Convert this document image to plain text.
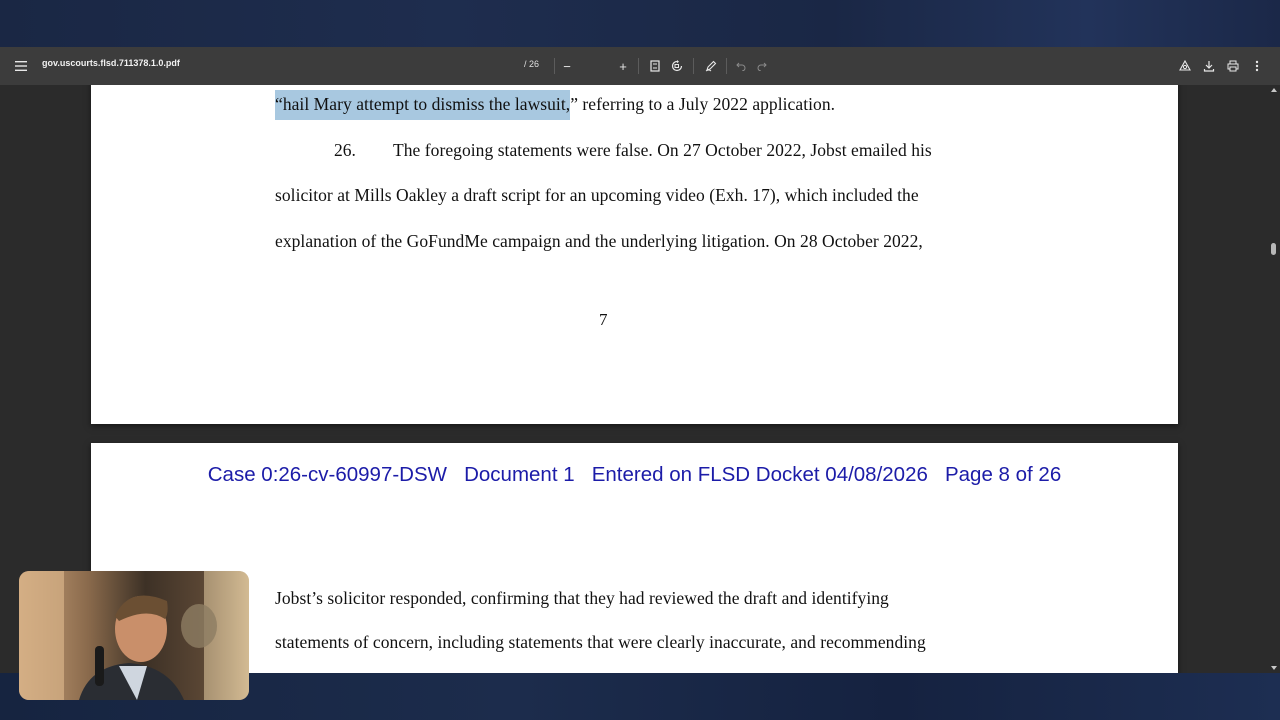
gov.uscourts.flsd.711378.1.0.pdf
7	/ 26	−
200%	+
“hail Mary attempt to dismiss the lawsuit,” referring to a July 2022 application.
26. The foregoing statements were false. On 27 October 2022, Jobst emailed his
solicitor at Mills Oakley a draft script for an upcoming video (Exh. 17), which included the
explanation of the GoFundMe campaign and the underlying litigation. On 28 October 2022,
7
Case 0:26-cv-60997-DSW   Document 1   Entered on FLSD Docket 04/08/2026   Page 8 of 26
Jobst’s solicitor responded, confirming that they had reviewed the draft and identifying
statements of concern, including statements that were clearly inaccurate, and recommending
